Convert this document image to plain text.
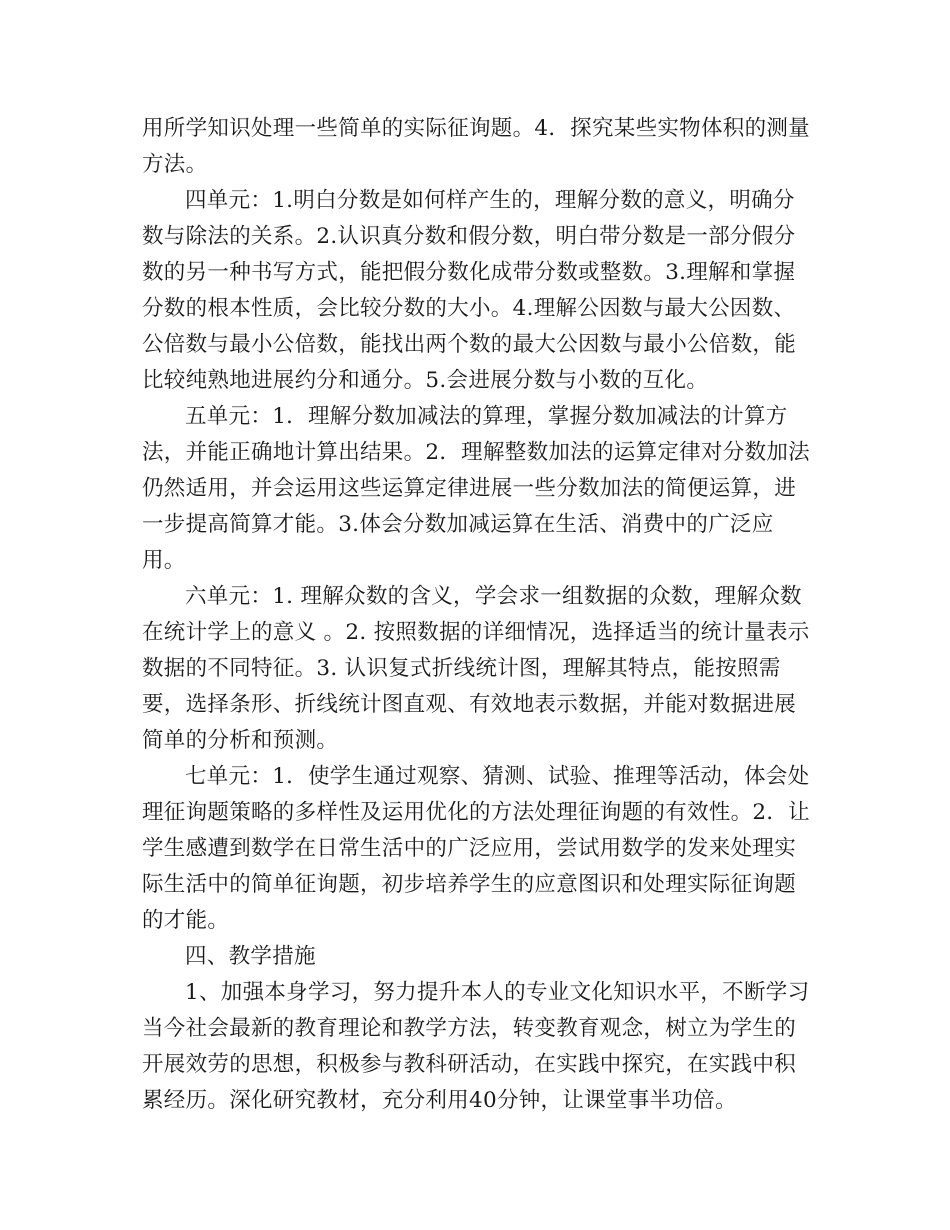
用所学知识处理一些简单的实际征询题。4．探究某些实物体积的测量方法。

四单元：1.明白分数是如何样产生的，理解分数的意义，明确分数与除法的关系。2.认识真分数和假分数，明白带分数是一部分假分数的另一种书写方式，能把假分数化成带分数或整数。3.理解和掌握分数的根本性质，会比较分数的大小。4.理解公因数与最大公因数、公倍数与最小公倍数，能找出两个数的最大公因数与最小公倍数，能比较纯熟地进展约分和通分。5.会进展分数与小数的互化。

五单元：1．理解分数加减法的算理，掌握分数加减法的计算方法，并能正确地计算出结果。2．理解整数加法的运算定律对分数加法仍然适用，并会运用这些运算定律进展一些分数加法的简便运算，进一步提高简算才能。3.体会分数加减运算在生活、消费中的广泛应用。

六单元：1. 理解众数的含义，学会求一组数据的众数，理解众数在统计学上的意义 。2. 按照数据的详细情况，选择适当的统计量表示数据的不同特征。3. 认识复式折线统计图，理解其特点，能按照需要，选择条形、折线统计图直观、有效地表示数据，并能对数据进展简单的分析和预测。

七单元：1．使学生通过观察、猜测、试验、推理等活动，体会处理征询题策略的多样性及运用优化的方法处理征询题的有效性。2．让学生感遭到数学在日常生活中的广泛应用，尝试用数学的发来处理实际生活中的简单征询题，初步培养学生的应意图识和处理实际征询题的才能。

四、教学措施

1、加强本身学习，努力提升本人的专业文化知识水平，不断学习当今社会最新的教育理论和教学方法，转变教育观念，树立为学生的开展效劳的思想，积极参与教科研活动，在实践中探究，在实践中积累经历。深化研究教材，充分利用40分钟，让课堂事半功倍。
